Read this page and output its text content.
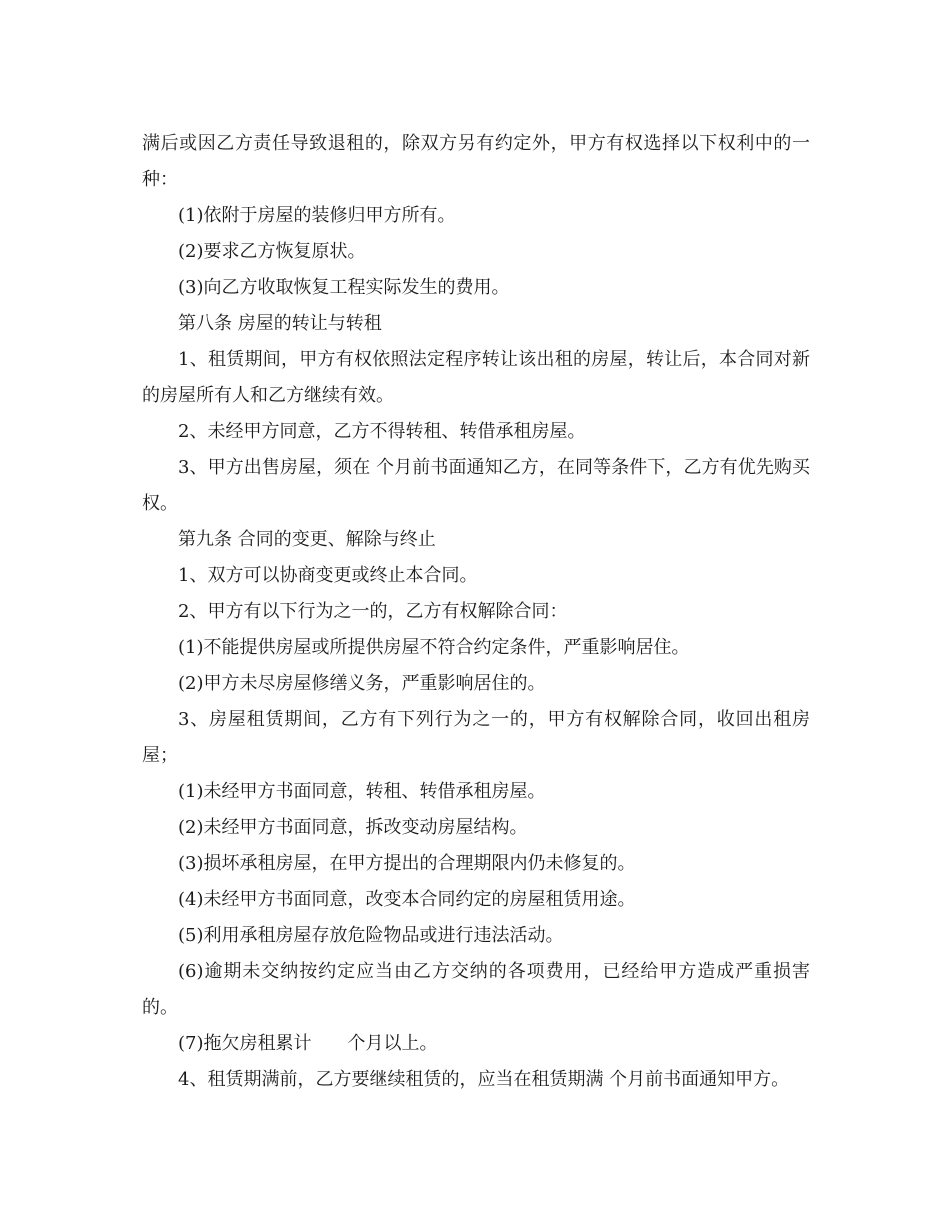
满后或因乙方责任导致退租的，除双方另有约定外，甲方有权选择以下权利中的一种：

(1)依附于房屋的装修归甲方所有。

(2)要求乙方恢复原状。

(3)向乙方收取恢复工程实际发生的费用。

第八条 房屋的转让与转租

1、租赁期间，甲方有权依照法定程序转让该出租的房屋，转让后，本合同对新的房屋所有人和乙方继续有效。

2、未经甲方同意，乙方不得转租、转借承租房屋。

3、甲方出售房屋，须在 个月前书面通知乙方，在同等条件下，乙方有优先购买权。

第九条 合同的变更、解除与终止

1、双方可以协商变更或终止本合同。

2、甲方有以下行为之一的，乙方有权解除合同：

(1)不能提供房屋或所提供房屋不符合约定条件，严重影响居住。

(2)甲方未尽房屋修缮义务，严重影响居住的。

3、房屋租赁期间，乙方有下列行为之一的，甲方有权解除合同，收回出租房屋；

(1)未经甲方书面同意，转租、转借承租房屋。

(2)未经甲方书面同意，拆改变动房屋结构。

(3)损坏承租房屋，在甲方提出的合理期限内仍未修复的。

(4)未经甲方书面同意，改变本合同约定的房屋租赁用途。

(5)利用承租房屋存放危险物品或进行违法活动。

(6)逾期未交纳按约定应当由乙方交纳的各项费用，已经给甲方造成严重损害的。

(7)拖欠房租累计　　个月以上。

4、租赁期满前，乙方要继续租赁的，应当在租赁期满 个月前书面通知甲方。
